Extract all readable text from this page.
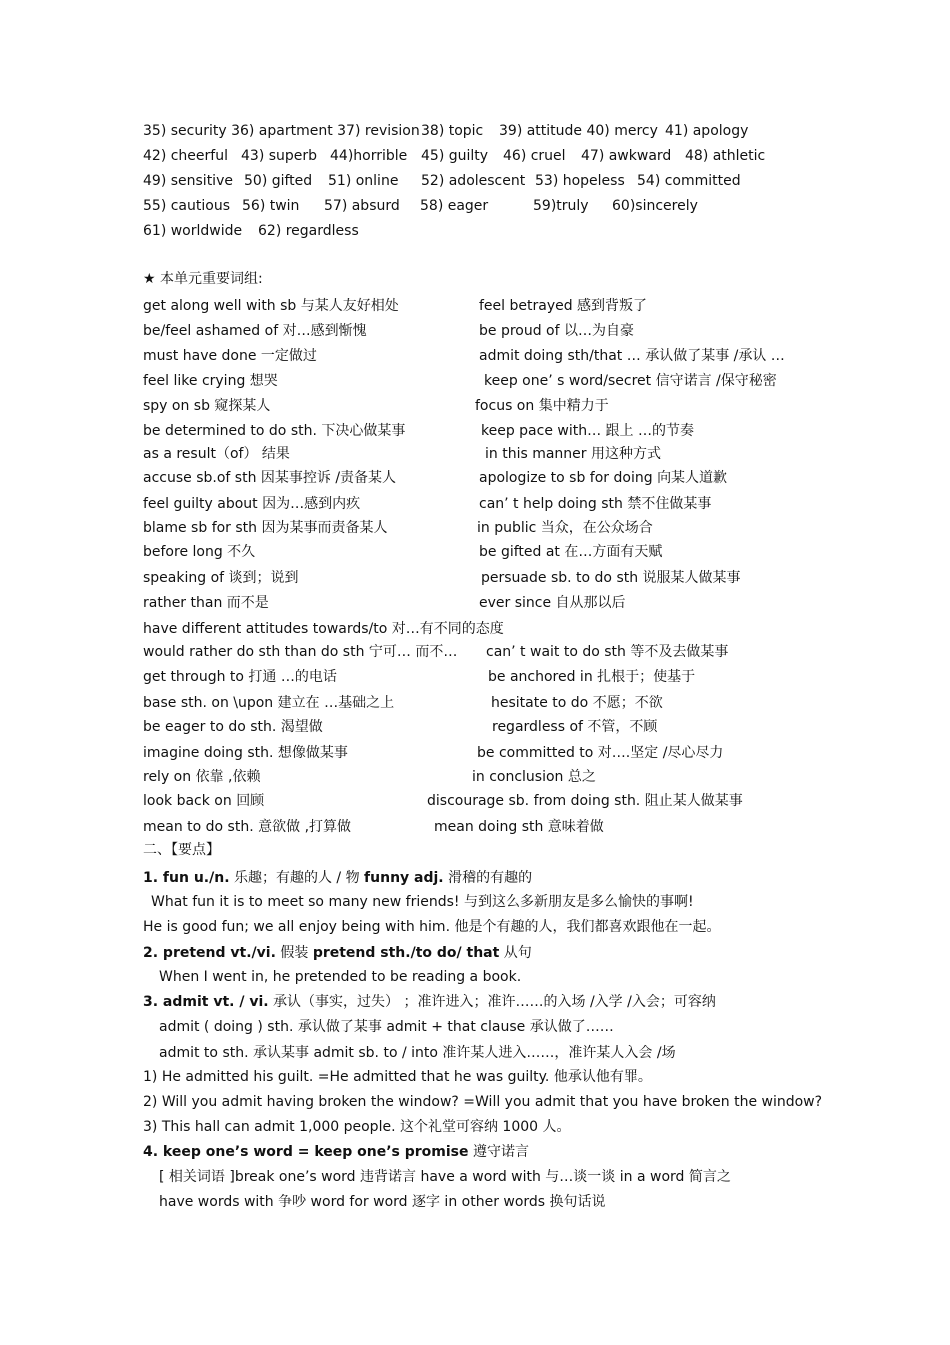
35) security 36) apartment 37) revision 38) topic 39) attitude 40) mercy 41) apology
42) cheerful 43) superb 44)horrible 45) guilty 46) cruel 47) awkward 48) athletic
49) sensitive 50) gifted 51) online 52) adolescent 53) hopeless 54) committed
55) cautious 56) twin 57) absurd 58) eager	59)truly 60)sincerely
61) worldwide 62) regardless
★ 本单元重要词组:
get along well with sb 与某人友好相处	feel betrayed 感到背叛了
be/feel ashamed of 对…感到惭愧	be proud of 以…为自豪
must have done 一定做过	admit doing sth/that … 承认做了某事 /承认 …
feel like crying 想哭	keep one’ s word/secret 信守诺言 /保守秘密
spy on sb 窥探某人	focus on 集中精力于
be determined to do sth. 下决心做某事	keep pace with… 跟上 …的节奏
as a result（of） 结果	in this manner 用这种方式
accuse sb.of sth 因某事控诉 /责备某人	apologize to sb for doing 向某人道歉
feel guilty about 因为…感到内疚	can’ t help doing sth 禁不住做某事
blame sb for sth 因为某事而责备某人	in public 当众，在公众场合
before long 不久	be gifted at 在…方面有天赋
speaking of 谈到；说到	persuade sb. to do sth 说服某人做某事
rather than 而不是	ever since 自从那以后
have different attitudes towards/to 对…有不同的态度
would rather do sth than do sth 宁可… 而不… can’ t wait to do sth 等不及去做某事
get through to 打通 …的电话	be anchored in 扎根于；使基于
base sth. on \upon 建立在 …基础之上	hesitate to do 不愿；不欲
be eager to do sth. 渴望做	regardless of 不管，不顾
imagine doing sth. 想像做某事	be committed to 对….坚定 /尽心尽力
rely on 依靠 ,依赖	in conclusion 总之
look back on 回顾	discourage sb. from doing sth. 阻止某人做某事
mean to do sth. 意欲做 ,打算做	mean doing sth 意味着做
二、【要点】
1. fun u./n. 乐趣；有趣的人 / 物 funny adj. 滑稽的有趣的
What fun it is to meet so many new friends! 与到这么多新朋友是多么愉快的事啊!
He is good fun; we all enjoy being with him. 他是个有趣的人，我们都喜欢跟他在一起。
2. pretend vt./vi. 假装 pretend sth./to do/ that 从句
When I went in, he pretended to be reading a book.
3. admit vt. / vi. 承认（事实，过失） ；准许进入；准许……的入场 /入学 /入会；可容纳
admit ( doing ) sth. 承认做了某事 admit + that clause 承认做了……
admit to sth. 承认某事 admit sb. to / into 准许某人进入……，准许某人入会 /场
1) He admitted his guilt. =He admitted that he was guilty. 他承认他有罪。
2) Will you admit having broken the window? =Will you admit that you have broken the window?
3) This hall can admit 1,000 people. 这个礼堂可容纳 1000 人。
4. keep one’s word = keep one’s promise 遵守诺言
[ 相关词语 ]break one’s word 违背诺言 have a word with 与…谈一谈 in a word 简言之
have words with 争吵 word for word 逐字 in other words 换句话说
